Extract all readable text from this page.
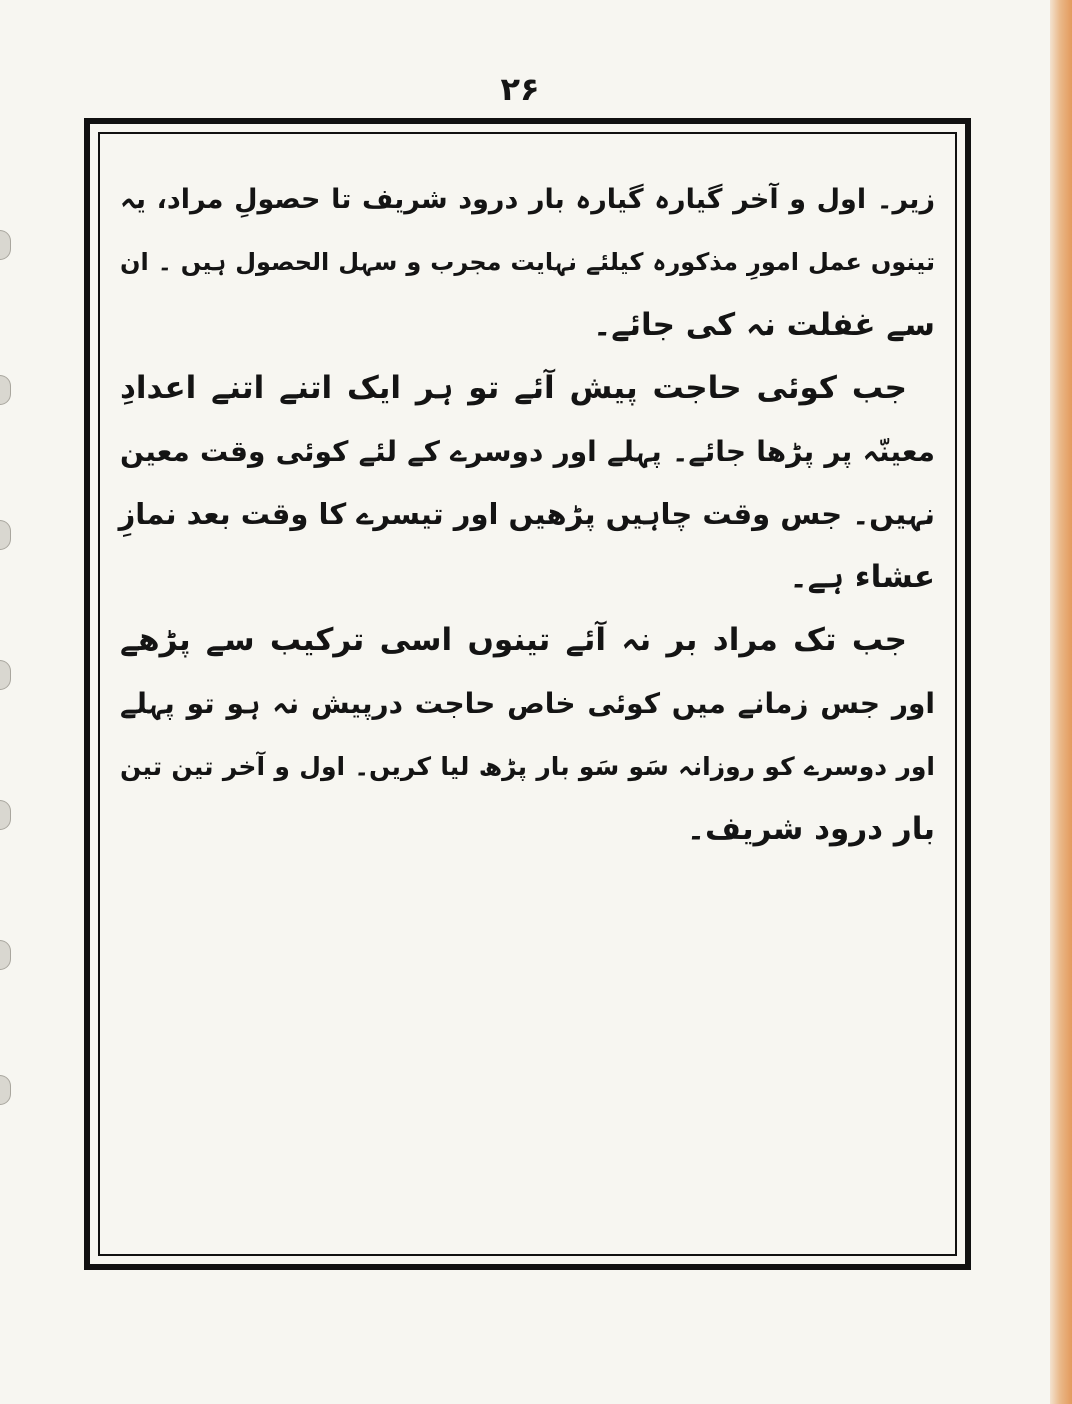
۲۶
زیر۔ اول و آخر گیارہ گیارہ بار درود شریف تا حصولِ مراد، یہ
تینوں عمل امورِ مذکورہ کیلئے نہایت مجرب و سہل الحصول ہیں ۔ ان
سے غفلت نہ کی جائے۔
جب کوئی حاجت پیش آئے تو ہر ایک اتنے اتنے اعدادِ
معینّہ پر پڑھا جائے۔ پہلے اور دوسرے کے لئے کوئی وقت معین
نہیں۔ جس وقت چاہیں پڑھیں اور تیسرے کا وقت بعد نمازِ
عشاء ہے۔
جب تک مراد بر نہ آئے تینوں اسی ترکیب سے پڑھے
اور جس زمانے میں کوئی خاص حاجت درپیش نہ ہو تو پہلے
اور دوسرے کو روزانہ سَو سَو بار پڑھ لیا کریں۔ اول و آخر تین تین
بار درود شریف۔
